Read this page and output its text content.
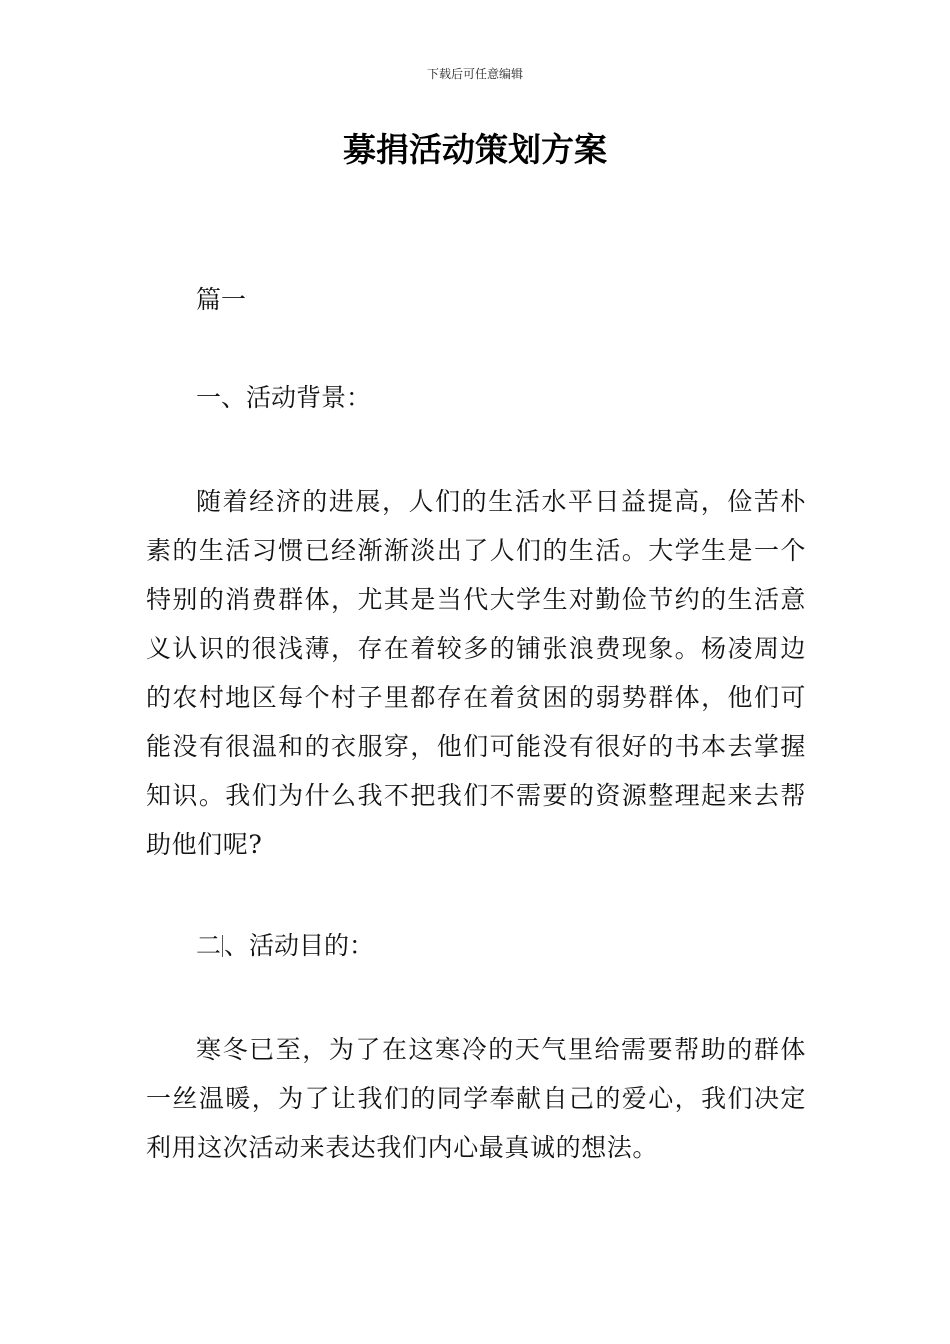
下载后可任意编辑
募捐活动策划方案
篇一
一、活动背景：
随着经济的进展，人们的生活水平日益提高，俭苦朴素的生活习惯已经渐渐淡出了人们的生活。大学生是一个特别的消费群体，尤其是当代大学生对勤俭节约的生活意义认识的很浅薄，存在着较多的铺张浪费现象。杨凌周边的农村地区每个村子里都存在着贫困的弱势群体，他们可能没有很温和的衣服穿，他们可能没有很好的书本去掌握知识。我们为什么我不把我们不需要的资源整理起来去帮助他们呢?
二 、活动目的：
寒冬已至，为了在这寒冷的天气里给需要帮助的群体一丝温暖，为了让我们的同学奉献自己的爱心，我们决定利用这次活动来表达我们内心最真诚的想法。
